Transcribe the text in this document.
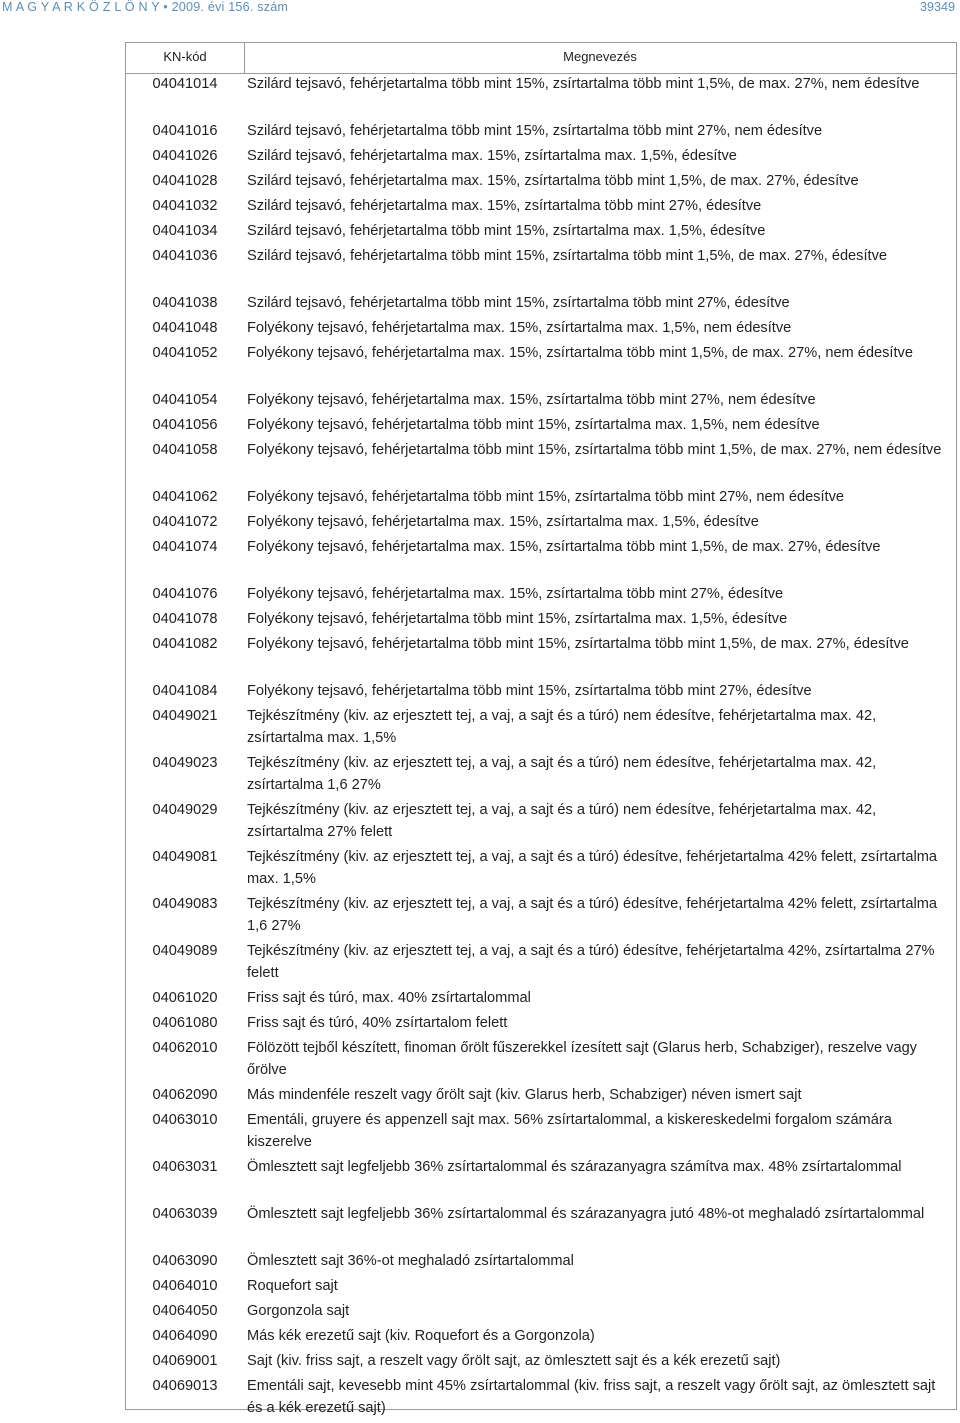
M A G Y A R K Ö Z L Ö N Y • 2009. évi 156. szám	39349
KN-kód	Megnevezés
04041014	Szilárd tejsavó, fehérjetartalma több mint 15%, zsírtartalma több mint 1,5%, de max. 27%, nem édesítve
04041016	Szilárd tejsavó, fehérjetartalma több mint 15%, zsírtartalma több mint 27%, nem édesítve
04041026	Szilárd tejsavó, fehérjetartalma max. 15%, zsírtartalma max. 1,5%, édesítve
04041028	Szilárd tejsavó, fehérjetartalma max. 15%, zsírtartalma több mint 1,5%, de max. 27%, édesítve
04041032	Szilárd tejsavó, fehérjetartalma max. 15%, zsírtartalma több mint 27%, édesítve
04041034	Szilárd tejsavó, fehérjetartalma több mint 15%, zsírtartalma max. 1,5%, édesítve
04041036	Szilárd tejsavó, fehérjetartalma több mint 15%, zsírtartalma több mint 1,5%, de max. 27%, édesítve
04041038	Szilárd tejsavó, fehérjetartalma több mint 15%, zsírtartalma több mint 27%, édesítve
04041048	Folyékony tejsavó, fehérjetartalma max. 15%, zsírtartalma max. 1,5%, nem édesítve
04041052	Folyékony tejsavó, fehérjetartalma max. 15%, zsírtartalma több mint 1,5%, de max. 27%, nem édesítve
04041054	Folyékony tejsavó, fehérjetartalma max. 15%, zsírtartalma több mint 27%, nem édesítve
04041056	Folyékony tejsavó, fehérjetartalma több mint 15%, zsírtartalma max. 1,5%, nem édesítve
04041058	Folyékony tejsavó, fehérjetartalma több mint 15%, zsírtartalma több mint 1,5%, de max. 27%, nem édesítve
04041062	Folyékony tejsavó, fehérjetartalma több mint 15%, zsírtartalma több mint 27%, nem édesítve
04041072	Folyékony tejsavó, fehérjetartalma max. 15%, zsírtartalma max. 1,5%, édesítve
04041074	Folyékony tejsavó, fehérjetartalma max. 15%, zsírtartalma több mint 1,5%, de max. 27%, édesítve
04041076	Folyékony tejsavó, fehérjetartalma max. 15%, zsírtartalma több mint 27%, édesítve
04041078	Folyékony tejsavó, fehérjetartalma több mint 15%, zsírtartalma max. 1,5%, édesítve
04041082	Folyékony tejsavó, fehérjetartalma több mint 15%, zsírtartalma több mint 1,5%, de max. 27%, édesítve
04041084	Folyékony tejsavó, fehérjetartalma több mint 15%, zsírtartalma több mint 27%, édesítve
04049021	Tejkészítmény (kiv. az erjesztett tej, a vaj, a sajt és a túró) nem édesítve, fehérjetartalma max. 42, zsírtartalma max. 1,5%
04049023	Tejkészítmény (kiv. az erjesztett tej, a vaj, a sajt és a túró) nem édesítve, fehérjetartalma max. 42, zsírtartalma 1,6 27%
04049029	Tejkészítmény (kiv. az erjesztett tej, a vaj, a sajt és a túró) nem édesítve, fehérjetartalma max. 42, zsírtartalma 27% felett
04049081	Tejkészítmény (kiv. az erjesztett tej, a vaj, a sajt és a túró) édesítve, fehérjetartalma 42% felett, zsírtartalma max. 1,5%
04049083	Tejkészítmény (kiv. az erjesztett tej, a vaj, a sajt és a túró) édesítve, fehérjetartalma 42% felett, zsírtartalma 1,6 27%
04049089	Tejkészítmény (kiv. az erjesztett tej, a vaj, a sajt és a túró) édesítve, fehérjetartalma 42%, zsírtartalma 27% felett
04061020	Friss sajt és túró, max. 40% zsírtartalommal
04061080	Friss sajt és túró, 40% zsírtartalom felett
04062010	Fölözött tejből készített, finoman őrölt fűszerekkel ízesített sajt (Glarus herb, Schabziger), reszelve vagy őrölve
04062090	Más mindenféle reszelt vagy őrölt sajt (kiv. Glarus herb, Schabziger) néven ismert sajt
04063010	Ementáli, gruyere és appenzell sajt max. 56% zsírtartalommal, a kiskereskedelmi forgalom számára kiszerelve
04063031	Ömlesztett sajt legfeljebb 36% zsírtartalommal és szárazanyagra számítva max. 48% zsírtartalommal
04063039	Ömlesztett sajt legfeljebb 36% zsírtartalommal és szárazanyagra jutó 48%-ot meghaladó zsírtartalommal
04063090	Ömlesztett sajt 36%-ot meghaladó zsírtartalommal
04064010	Roquefort sajt
04064050	Gorgonzola sajt
04064090	Más kék erezetű sajt (kiv. Roquefort és a Gorgonzola)
04069001	Sajt (kiv. friss sajt, a reszelt vagy őrölt sajt, az ömlesztett sajt és a kék erezetű sajt)
04069013	Ementáli sajt, kevesebb mint 45% zsírtartalommal (kiv. friss sajt, a reszelt vagy őrölt sajt, az ömlesztett sajt és a kék erezetű sajt)
